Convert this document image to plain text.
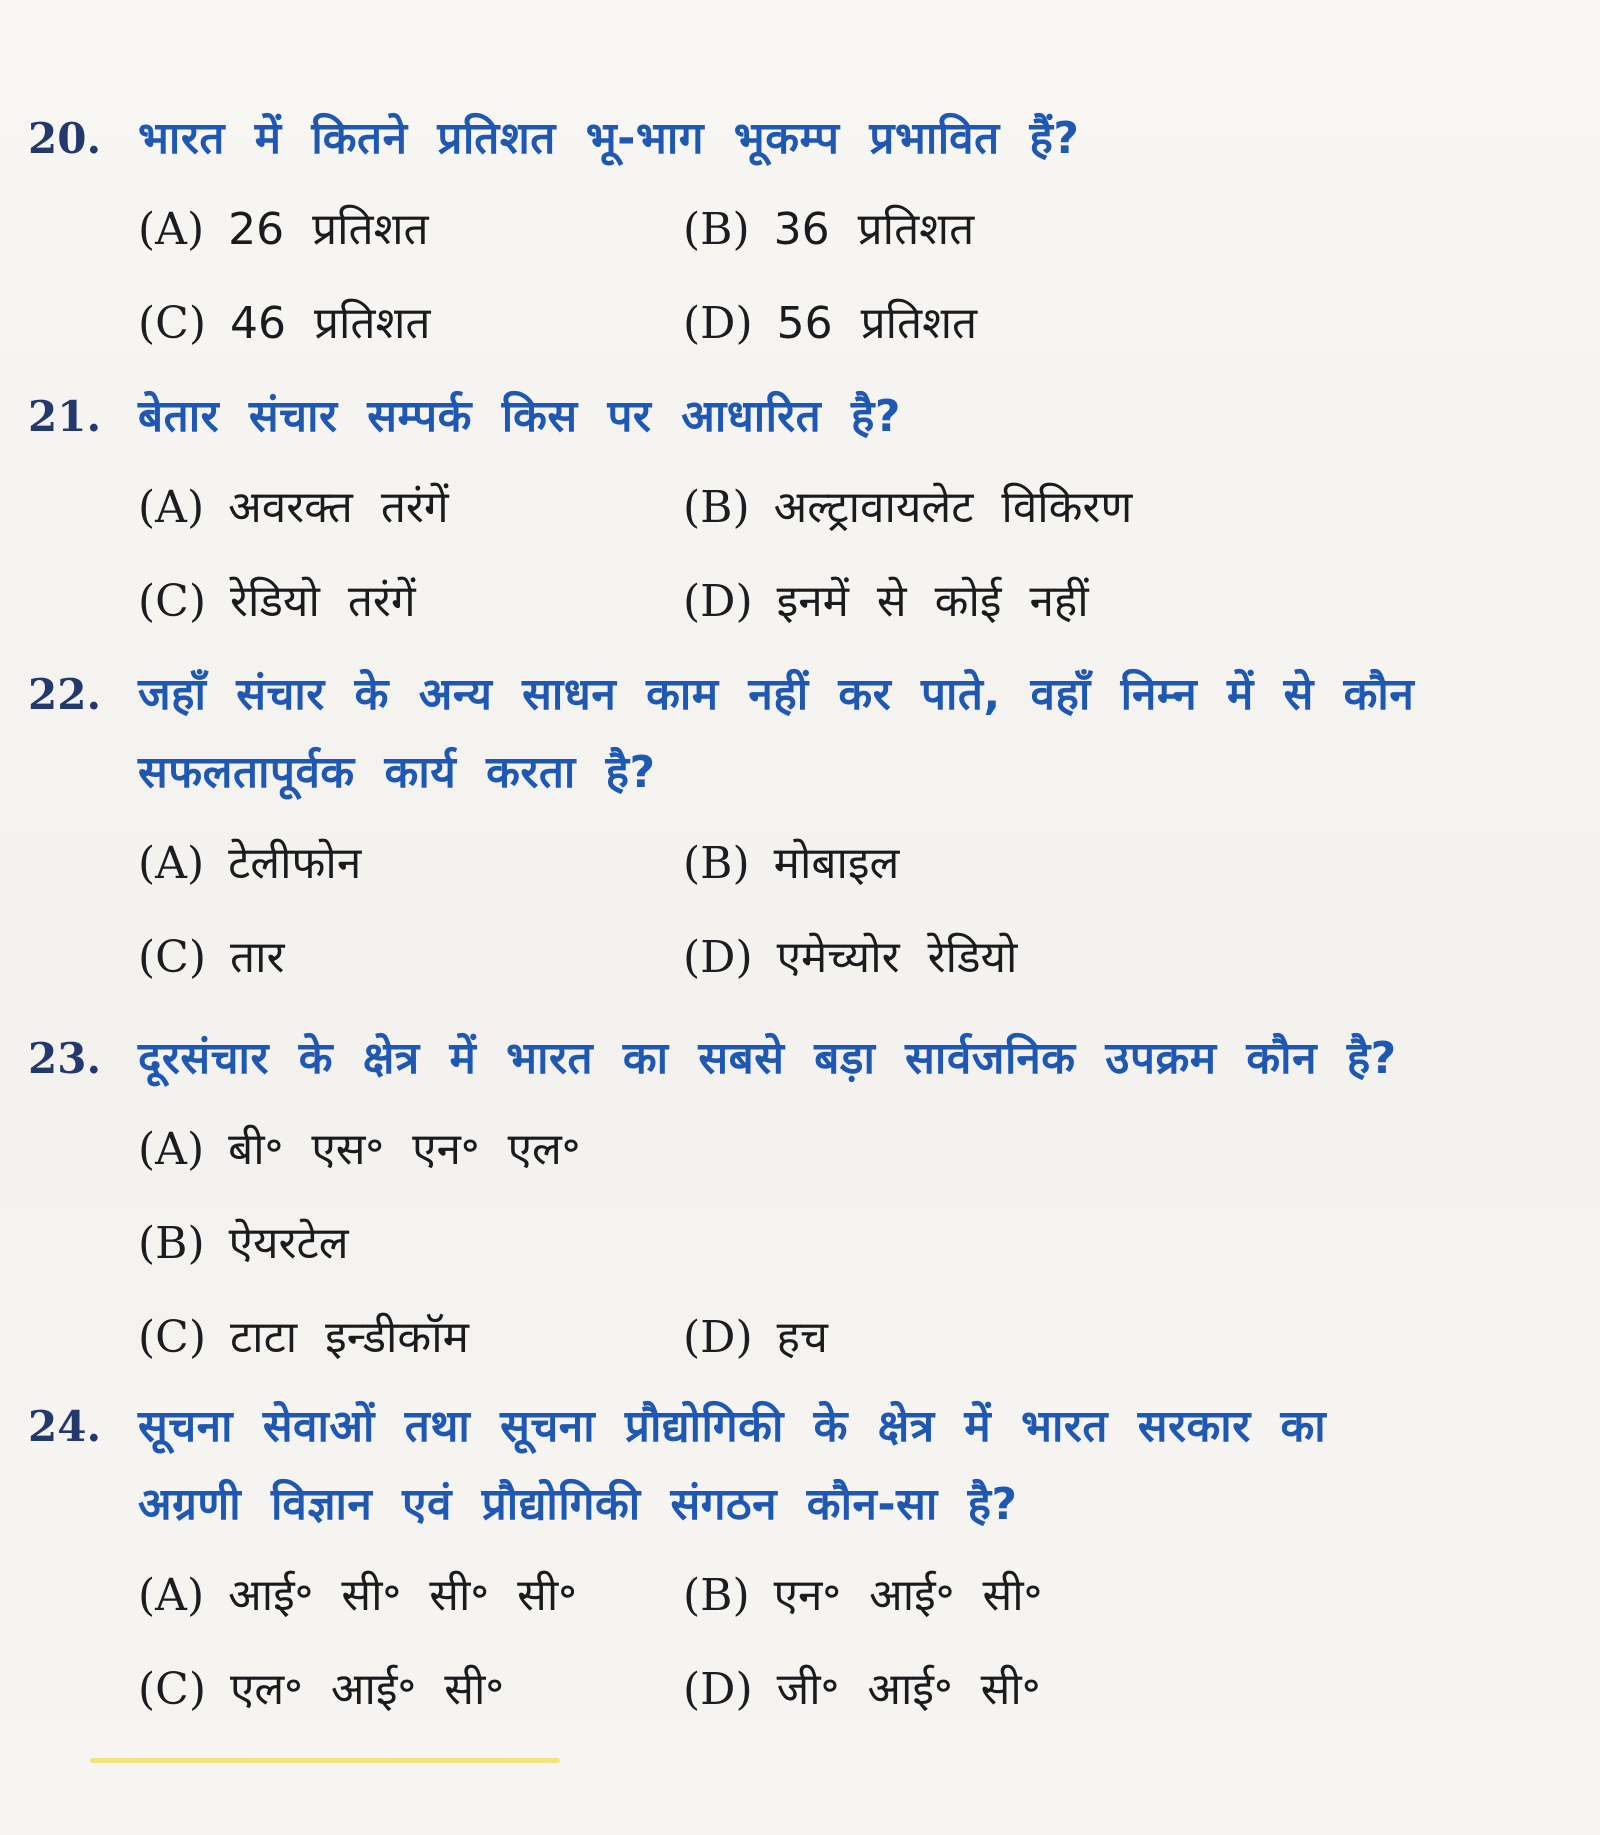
20. भारत में कितने प्रतिशत भू-भाग भूकम्प प्रभावित हैं?
(A) 26 प्रतिशत	(B) 36 प्रतिशत
(C) 46 प्रतिशत	(D) 56 प्रतिशत
21. बेतार संचार सम्पर्क किस पर आधारित है?
(A) अवरक्त तरंगें	(B) अल्ट्रावायलेट विकिरण
(C) रेडियो तरंगें	(D) इनमें से कोई नहीं
22. जहाँ संचार के अन्य साधन काम नहीं कर पाते, वहाँ निम्न में से कौन
सफलतापूर्वक कार्य करता है?
(A) टेलीफोन	(B) मोबाइल
(C) तार	(D) एमेच्योर रेडियो
23. दूरसंचार के क्षेत्र में भारत का सबसे बड़ा सार्वजनिक उपक्रम कौन है?
(A) बी॰ एस॰ एन॰ एल॰
(B) ऐयरटेल
(C) टाटा इन्डीकॉम	(D) हच
24. सूचना सेवाओं तथा सूचना प्रौद्योगिकी के क्षेत्र में भारत सरकार का
अग्रणी विज्ञान एवं प्रौद्योगिकी संगठन कौन-सा है?
(A) आई॰ सी॰ सी॰ सी॰	(B) एन॰ आई॰ सी॰
(C) एल॰ आई॰ सी॰	(D) जी॰ आई॰ सी॰
